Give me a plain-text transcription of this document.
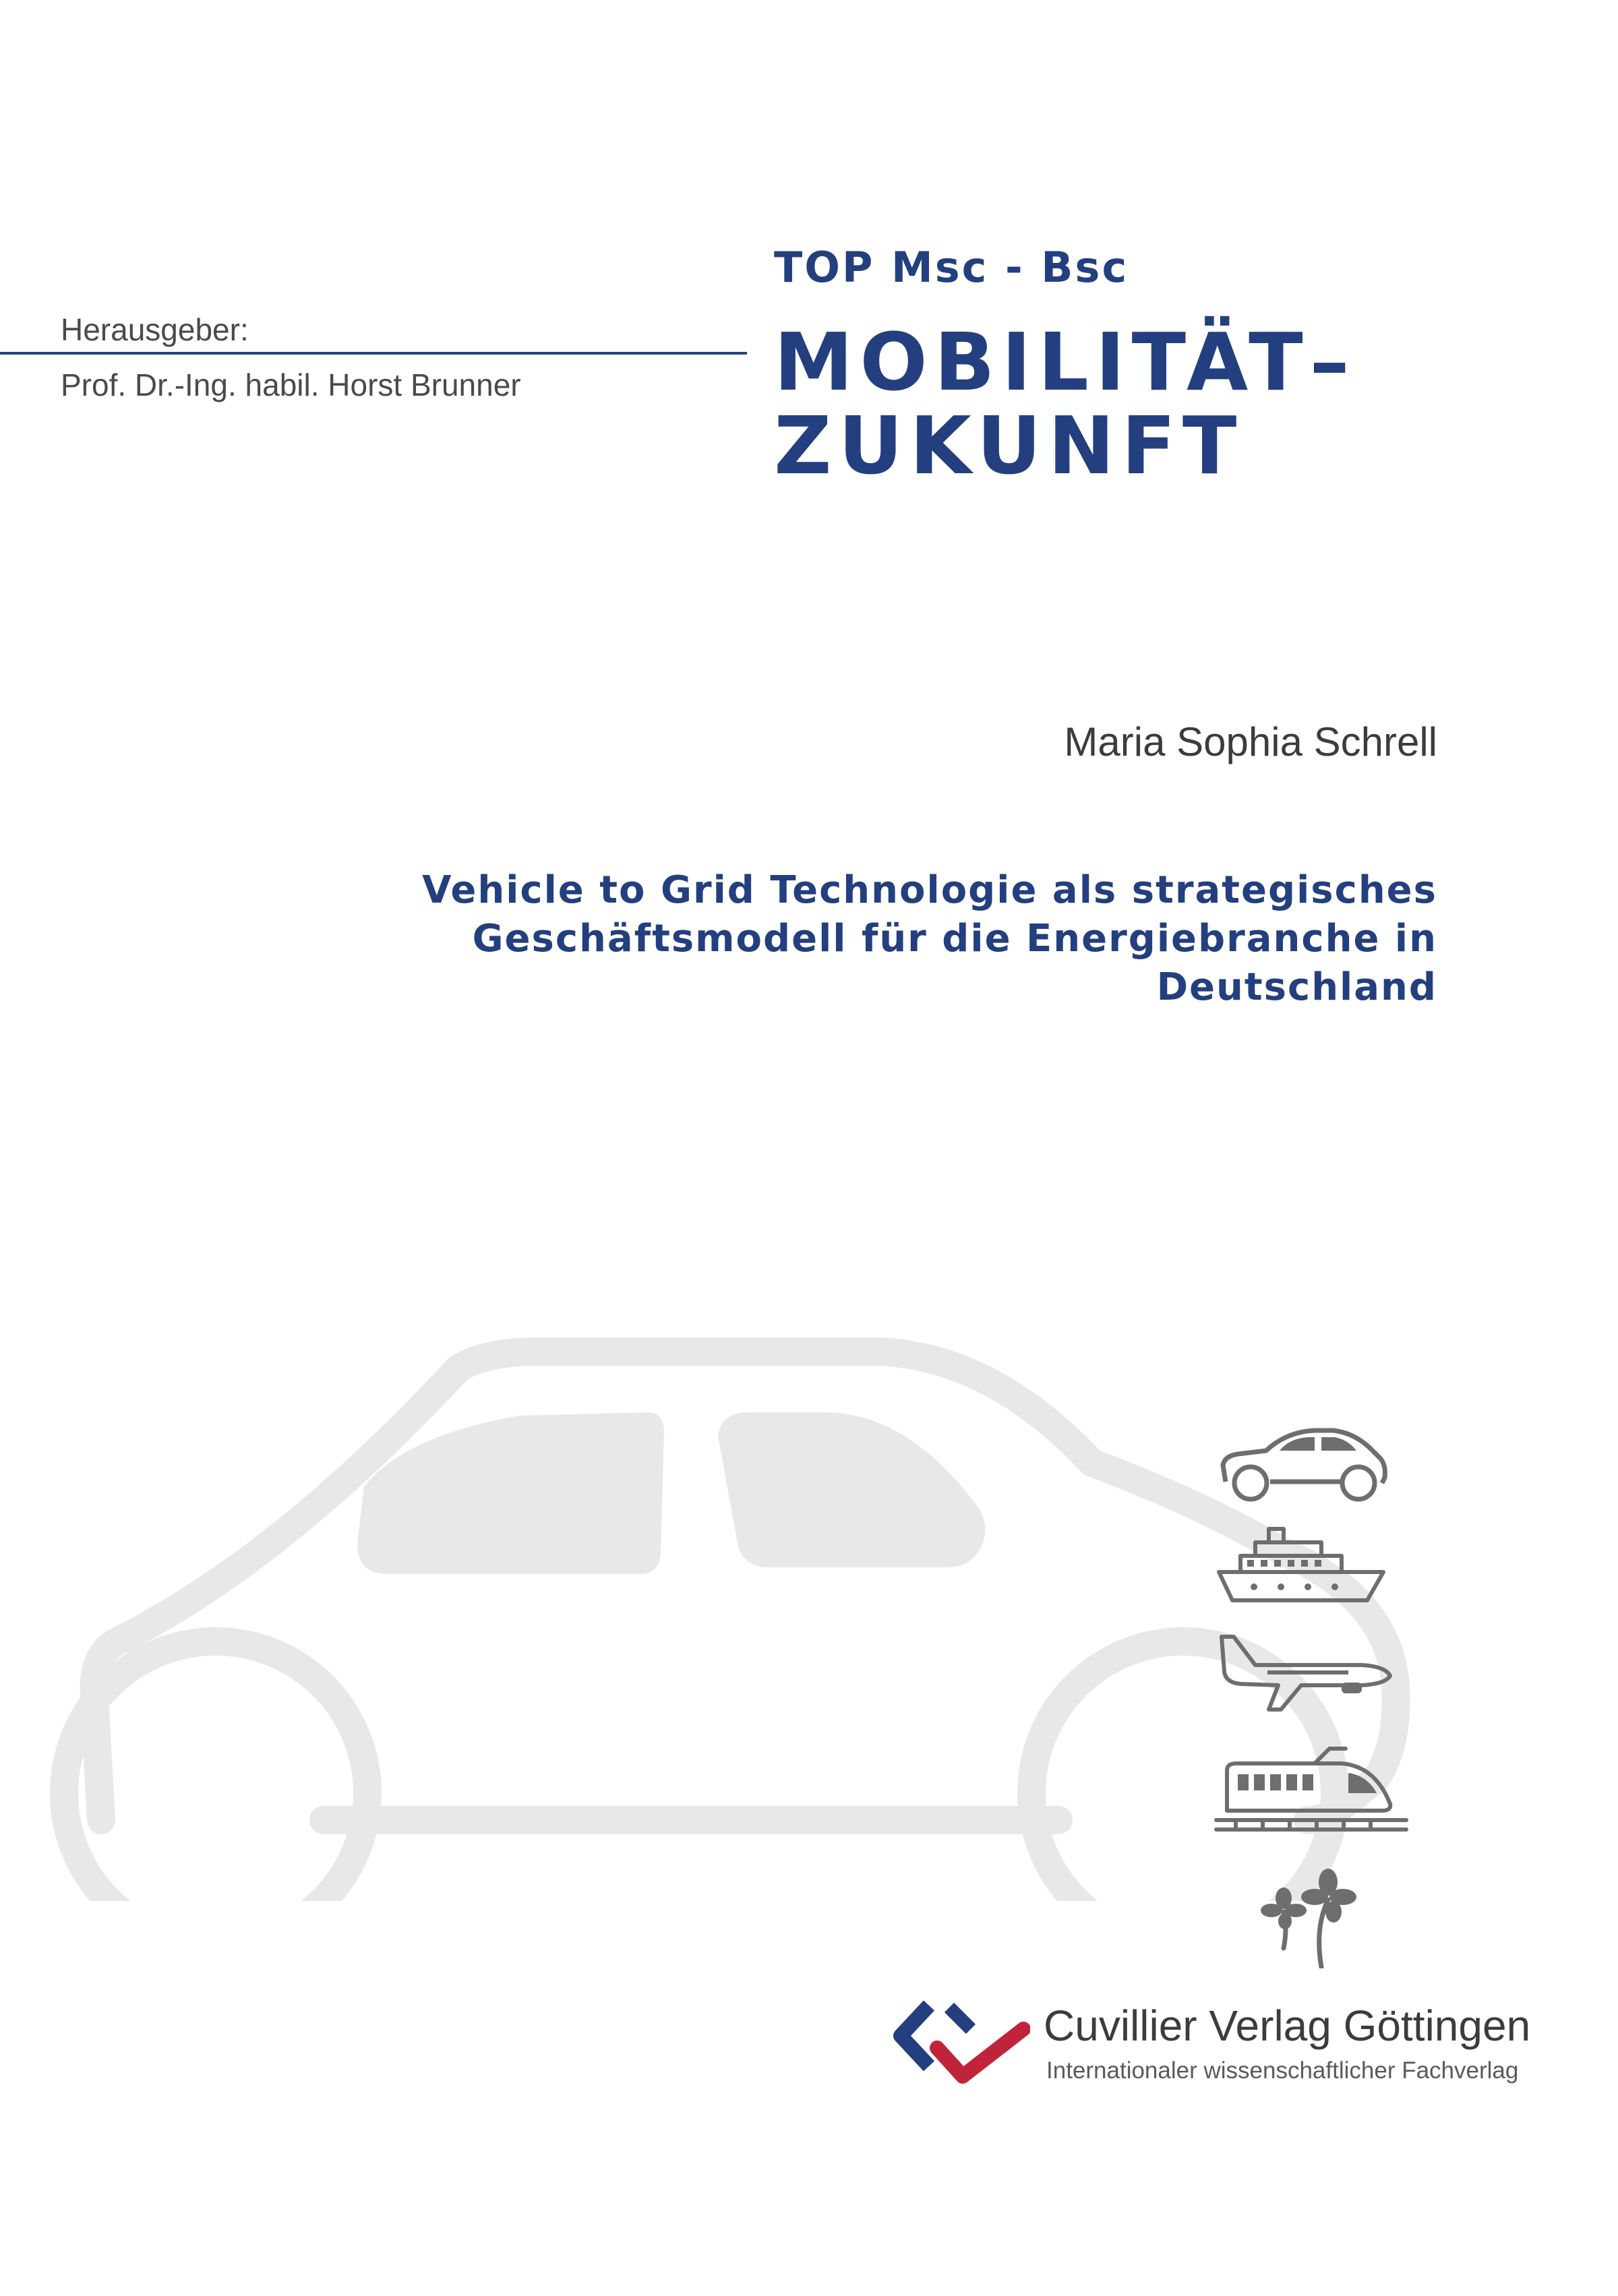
TOP Msc - Bsc

MOBILITÄT–
ZUKUNFT

Herausgeber:

Prof. Dr.-Ing. habil. Horst Brunner

Maria Sophia Schrell

Vehicle to Grid Technologie als strategisches
Geschäftsmodell für die Energiebranche in
Deutschland

Cuvillier Verlag Göttingen

Internationaler wissenschaftlicher Fachverlag
